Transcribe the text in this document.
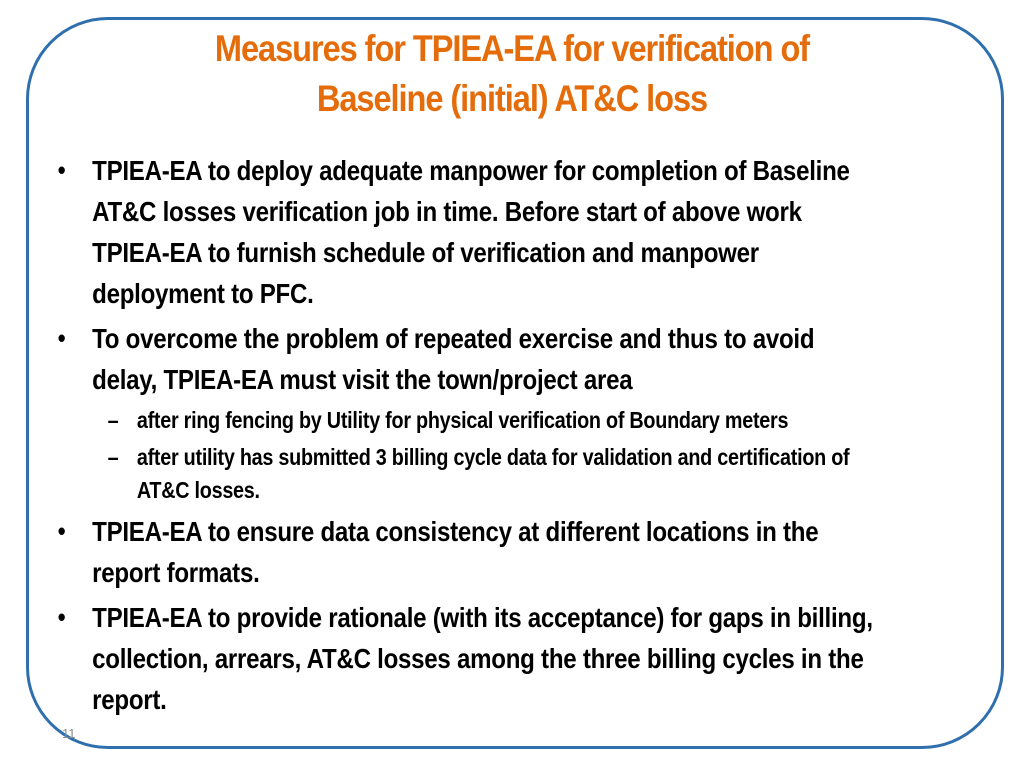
Measures for TPIEA-EA for verification of
Baseline (initial) AT&C loss
• TPIEA-EA to deploy adequate manpower for completion of Baseline AT&C losses verification job in time. Before start of above work TPIEA-EA to furnish schedule of verification and manpower deployment to PFC.
• To overcome the problem of repeated exercise and thus to avoid delay, TPIEA-EA must visit the town/project area
– after ring fencing by Utility for physical verification of Boundary meters
– after utility has submitted 3 billing cycle data for validation and certification of AT&C losses.
• TPIEA-EA to ensure data consistency at different locations in the report formats.
• TPIEA-EA to provide rationale (with its acceptance) for gaps in billing, collection, arrears, AT&C losses among the three billing cycles in the report.
11
